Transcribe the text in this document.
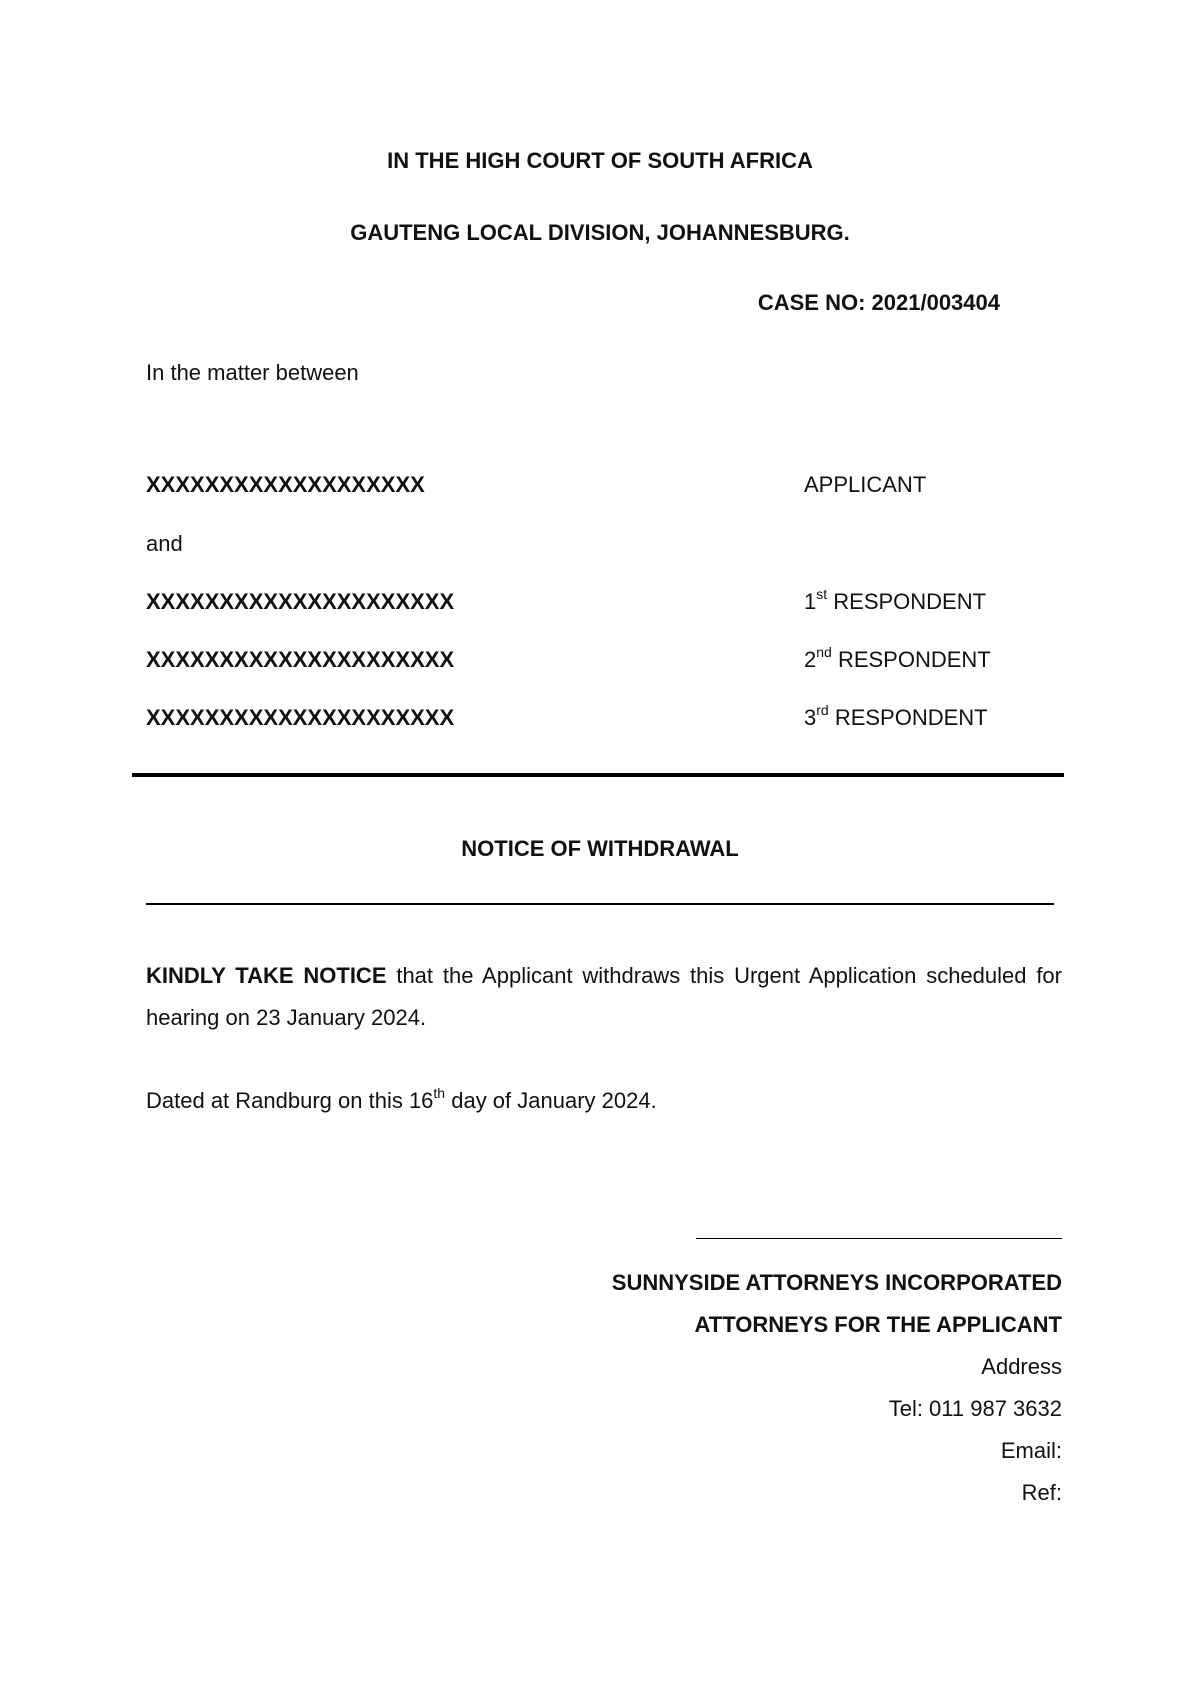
IN THE HIGH COURT OF SOUTH AFRICA
GAUTENG LOCAL DIVISION, JOHANNESBURG.
CASE NO: 2021/003404
In the matter between
XXXXXXXXXXXXXXXXXXX	APPLICANT
and
XXXXXXXXXXXXXXXXXXXXX	1st RESPONDENT
XXXXXXXXXXXXXXXXXXXXX	2nd RESPONDENT
XXXXXXXXXXXXXXXXXXXXX	3rd RESPONDENT
NOTICE OF WITHDRAWAL
KINDLY TAKE NOTICE that the Applicant withdraws this Urgent Application scheduled for hearing on 23 January 2024.
Dated at Randburg on this 16th day of January 2024.
SUNNYSIDE ATTORNEYS INCORPORATED
ATTORNEYS FOR THE APPLICANT
Address
Tel: 011 987 3632
Email:
Ref:
